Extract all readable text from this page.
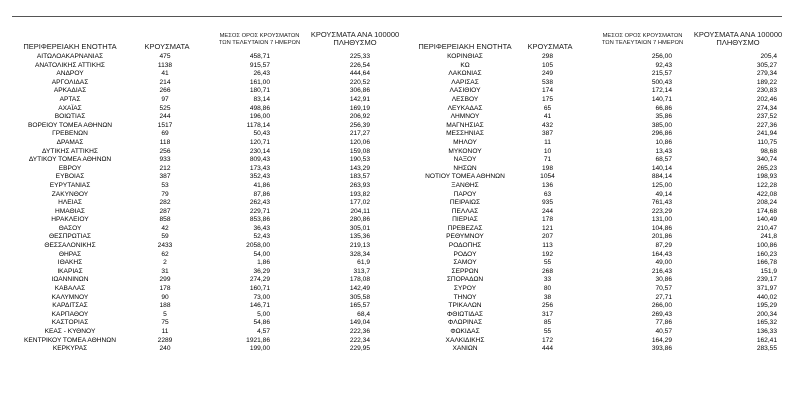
ΠΕΡΙΦΕΡΕΙΑΚΗ ΕΝΟΤΗΤΑ	ΚΡΟΥΣΜΑΤΑ
ΜΕΣΟΣ ΟΡΟΣ ΚΡΟΥΣΜΑΤΩΝ
ΤΩΝ ΤΕΛΕΥΤΑΙΩΝ 7 ΗΜΕΡΩΝ
ΚΡΟΥΣΜΑΤΑ ΑΝΑ 100000
ΠΛΗΘΥΣΜΟ	ΠΕΡΙΦΕΡΕΙΑΚΗ ΕΝΟΤΗΤΑ	ΚΡΟΥΣΜΑΤΑ
ΜΕΣΟΣ ΟΡΟΣ ΚΡΟΥΣΜΑΤΩΝ
ΤΩΝ ΤΕΛΕΥΤΑΙΩΝ 7 ΗΜΕΡΩΝ
ΚΡΟΥΣΜΑΤΑ ΑΝΑ 100000
ΠΛΗΘΥΣΜΟ
ΑΙΤΩΛΟΑΚΑΡΝΑΝΙΑΣ	475	458,71	225,33
ΑΝΑΤΟΛΙΚΗΣ ΑΤΤΙΚΗΣ	1138	915,57	226,54
ΑΝΔΡΟΥ	41	26,43	444,64
ΑΡΓΟΛΙΔΑΣ	214	161,00	220,52
ΑΡΚΑΔΙΑΣ	266	180,71	306,86
ΑΡΤΑΣ	97	83,14	142,91
ΑΧΑΪΑΣ	525	498,86	169,19
ΒΟΙΩΤΙΑΣ	244	196,00	206,92
ΒΟΡΕΙΟΥ ΤΟΜΕΑ ΑΘΗΝΩΝ	1517	1178,14	256,39
ΓΡΕΒΕΝΩΝ	69	50,43	217,27
ΔΡΑΜΑΣ	118	120,71	120,06
ΔΥΤΙΚΗΣ ΑΤΤΙΚΗΣ	256	230,14	159,08
ΔΥΤΙΚΟΥ ΤΟΜΕΑ ΑΘΗΝΩΝ	933	809,43	190,53
ΕΒΡΟΥ	212	173,43	143,29
ΕΥΒΟΙΑΣ	387	352,43	183,57
ΕΥΡΥΤΑΝΙΑΣ	53	41,86	263,93
ΖΑΚΥΝΘΟΥ	79	87,86	193,82
ΗΛΕΙΑΣ	282	262,43	177,02
ΗΜΑΘΙΑΣ	287	229,71	204,11
ΗΡΑΚΛΕΙΟΥ	858	853,86	280,86
ΘΑΣΟΥ	42	36,43	305,01
ΘΕΣΠΡΩΤΙΑΣ	59	52,43	135,36
ΘΕΣΣΑΛΟΝΙΚΗΣ	2433	2058,00	219,13
ΘΗΡΑΣ	62	54,00	328,34
ΙΘΑΚΗΣ	2	1,86	61,9
ΙΚΑΡΙΑΣ	31	36,29	313,7
ΙΩΑΝΝΙΝΩΝ	299	274,29	178,08
ΚΑΒΑΛΑΣ	178	160,71	142,49
ΚΑΛΥΜΝΟΥ	90	73,00	305,58
ΚΑΡΔΙΤΣΑΣ	188	146,71	165,57
ΚΑΡΠΑΘΟΥ	5	5,00	68,4
ΚΑΣΤΟΡΙΑΣ	75	54,86	149,04
ΚΕΑΣ - ΚΥΘΝΟΥ	11	4,57	222,36
ΚΕΝΤΡΙΚΟΥ ΤΟΜΕΑ ΑΘΗΝΩΝ	2289	1921,86	222,34
ΚΕΡΚΥΡΑΣ	240	199,00	229,95
ΚΟΡΙΝΘΙΑΣ	298	256,00	205,4
ΚΩ	105	92,43	305,27
ΛΑΚΩΝΙΑΣ	249	215,57	279,34
ΛΑΡΙΣΑΣ	538	500,43	189,22
ΛΑΣΙΘΙΟΥ	174	172,14	230,83
ΛΕΣΒΟΥ	175	140,71	202,46
ΛΕΥΚΑΔΑΣ	65	66,86	274,34
ΛΗΜΝΟΥ	41	35,86	237,52
ΜΑΓΝΗΣΙΑΣ	432	385,00	227,36
ΜΕΣΣΗΝΙΑΣ	387	296,86	241,94
ΜΗΛΟΥ	11	10,86	110,75
ΜΥΚΟΝΟΥ	10	13,43	98,68
ΝΑΞΟΥ	71	68,57	340,74
ΝΗΣΩΝ	198	140,14	265,23
ΝΟΤΙΟΥ ΤΟΜΕΑ ΑΘΗΝΩΝ	1054	884,14	198,93
ΞΑΝΘΗΣ	136	125,00	122,28
ΠΑΡΟΥ	63	49,14	422,08
ΠΕΙΡΑΙΩΣ	935	761,43	208,24
ΠΕΛΛΑΣ	244	223,29	174,68
ΠΙΕΡΙΑΣ	178	131,00	140,49
ΠΡΕΒΕΖΑΣ	121	104,86	210,47
ΡΕΘΥΜΝΟΥ	207	201,86	241,8
ΡΟΔΟΠΗΣ	113	87,29	100,86
ΡΟΔΟΥ	192	164,43	160,23
ΣΑΜΟΥ	55	49,00	166,78
ΣΕΡΡΩΝ	268	216,43	151,9
ΣΠΟΡΑΔΩΝ	33	30,86	239,17
ΣΥΡΟΥ	80	70,57	371,97
ΤΗΝΟΥ	38	27,71	440,02
ΤΡΙΚΑΛΩΝ	256	266,00	195,29
ΦΘΙΩΤΙΔΑΣ	317	269,43	200,34
ΦΛΩΡΙΝΑΣ	85	77,86	165,32
ΦΩΚΙΔΑΣ	55	40,57	136,33
ΧΑΛΚΙΔΙΚΗΣ	172	164,29	162,41
ΧΑΝΙΩΝ	444	393,86	283,55
